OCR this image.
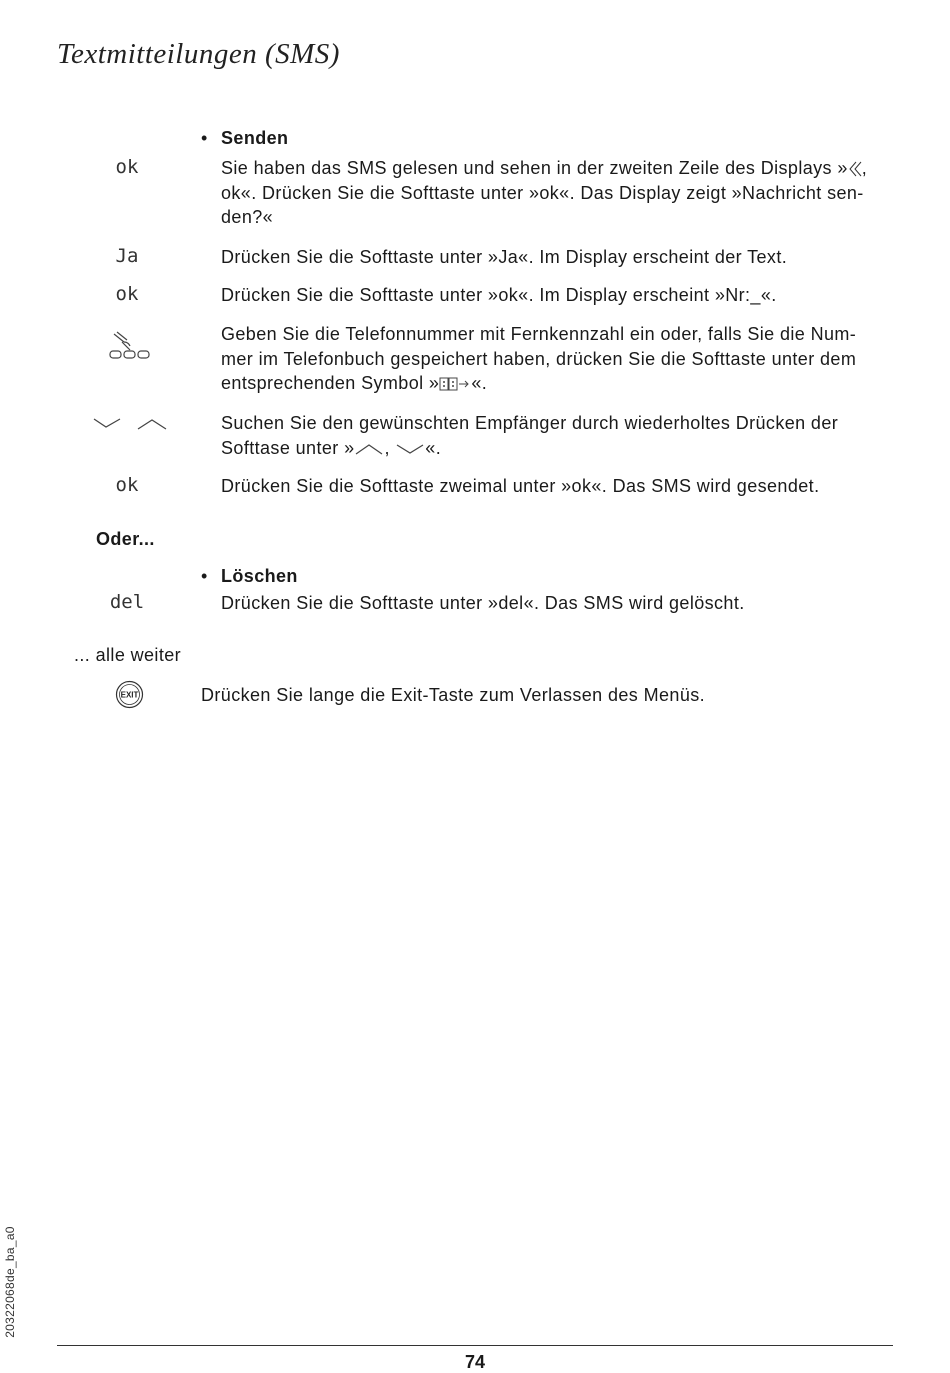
Textmitteilungen (SMS)
• Senden
ok	Sie haben das SMS gelesen und sehen in der zweiten Zeile des Displays » ,
ok«. Drücken Sie die Softtaste unter »ok«. Das Display zeigt »Nachricht sen-
den?«
Ja	Drücken Sie die Softtaste unter »Ja«. Im Display erscheint der Text.
ok	Drücken Sie die Softtaste unter »ok«. Im Display erscheint »Nr:_«.
Geben Sie die Telefonnummer mit Fernkennzahl ein oder, falls Sie die Num-
mer im Telefonbuch gespeichert haben, drücken Sie die Softtaste unter dem
entsprechenden Symbol » «.
Suchen Sie den gewünschten Empfänger durch wiederholtes Drücken der
Softtase unter » , «.
ok	Drücken Sie die Softtaste zweimal unter »ok«. Das SMS wird gesendet.
Oder...
• Löschen
del	Drücken Sie die Softtaste unter »del«. Das SMS wird gelöscht.
... alle weiter
EXIT	Drücken Sie lange die Exit-Taste zum Verlassen des Menüs.
20322068de_ba_a0
74
